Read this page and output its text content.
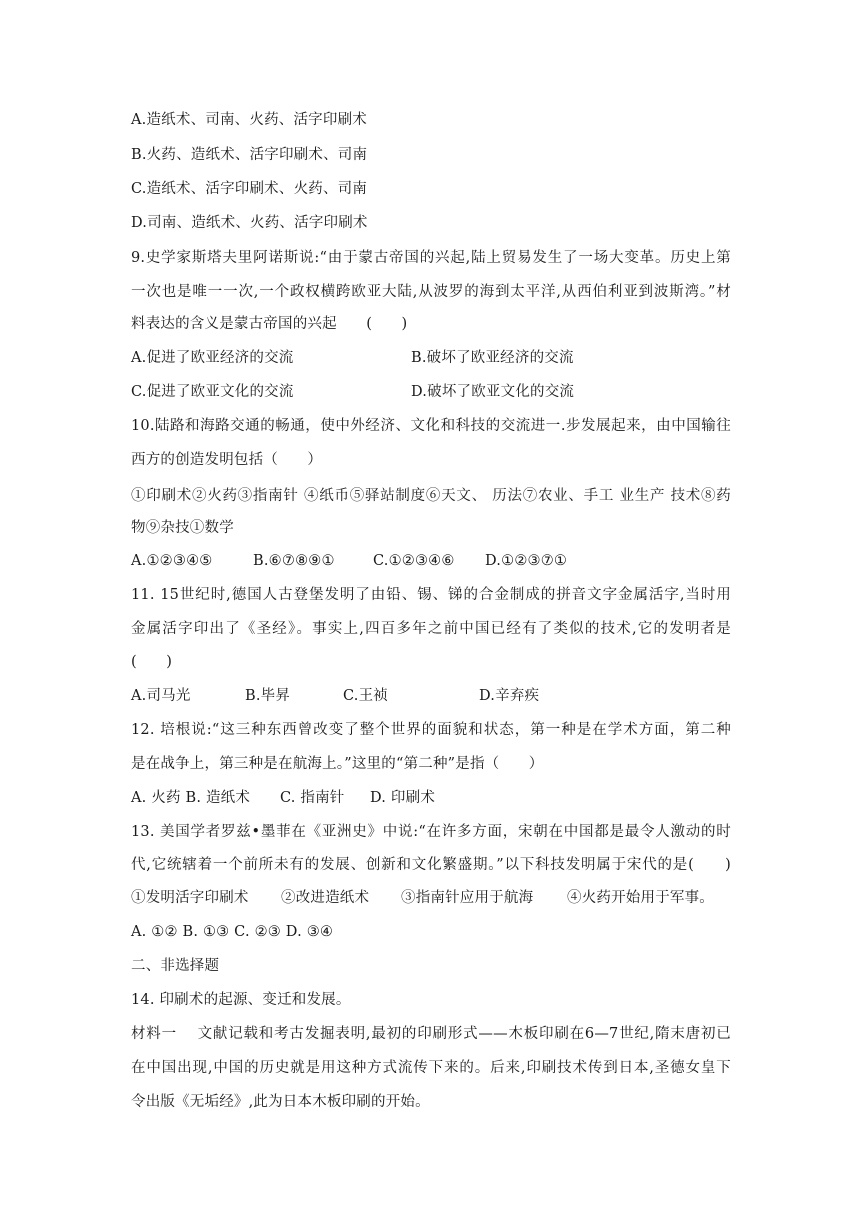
A.造纸术、司南、火药、活字印刷术
B.火药、造纸术、活字印刷术、司南
C.造纸术、活字印刷术、火药、司南
D.司南、造纸术、火药、活字印刷术
9.史学家斯塔夫里阿诺斯说:“由于蒙古帝国的兴起,陆上贸易发生了一场大变革。历史上第
一次也是唯一一次,一个政权横跨欧亚大陆,从波罗的海到太平洋,从西伯利亚到波斯湾。”材
料表达的含义是蒙古帝国的兴起　　(　　)
A.促进了欧亚经济的交流	B.破坏了欧亚经济的交流
C.促进了欧亚文化的交流	D.破坏了欧亚文化的交流
10.陆路和海路交通的畅通，使中外经济、文化和科技的交流进一.步发展起来，由中国输往
西方的创造发明包括（　　）
①印刷术②火药③指南针 ④纸币⑤驿站制度⑥天文、 历法⑦农业、手工 业生产 技术⑧药
物⑨杂技①数学
A.①②③④⑤	B.⑥⑦⑧⑨①	C.①②③④⑥ D.①②③⑦①
11. 15世纪时,德国人古登堡发明了由铅、锡、锑的合金制成的拼音文字金属活字,当时用
金属活字印出了《圣经》。事实上,四百多年之前中国已经有了类似的技术,它的发明者是
(　　)
A.司马光	B.毕昇	C.王祯	D.辛弃疾
12. 培根说:“这三种东西曾改变了整个世界的面貌和状态，第一种是在学术方面，第二种
是在战争上，第三种是在航海上。”这里的“第二种”是指（　　）
A. 火药 B. 造纸术 C. 指南针 D. 印刷术
13. 美国学者罗兹•墨菲在《亚洲史》中说:“在许多方面，宋朝在中国都是最令人激动的时
代,它统辖着一个前所未有的发展、创新和文化繁盛期。”以下科技发明属于宋代的是(　　)
①发明活字印刷术 ②改进造纸术 ③指南针应用于航海 ④火药开始用于军事。
A. ①② B. ①③ C. ②③ D. ③④
二、非选择题
14. 印刷术的起源、变迁和发展。
材料一　 文献记载和考古发掘表明,最初的印刷形式——木板印刷在6—7世纪,隋末唐初已
在中国出现,中国的历史就是用这种方式流传下来的。后来,印刷技术传到日本,圣德女皇下
令出版《无垢经》,此为日本木板印刷的开始。
